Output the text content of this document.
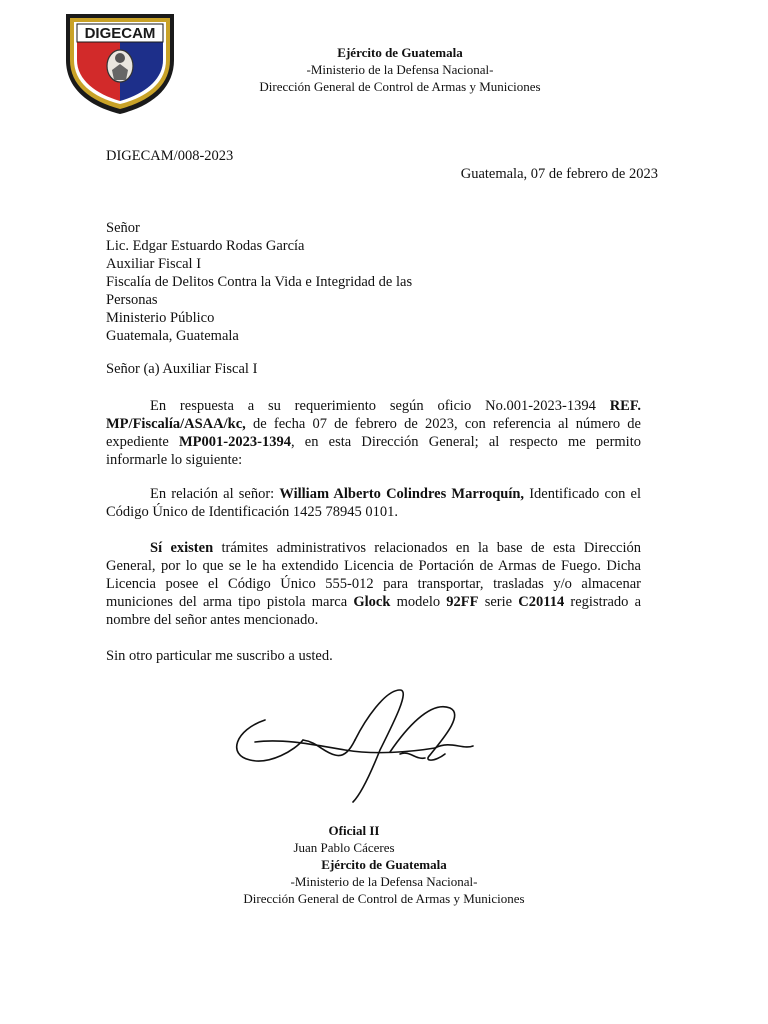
DIGECAM
Ejército de Guatemala
-Ministerio de la Defensa Nacional-
Dirección General de Control de Armas y Municiones
DIGECAM/008-2023
Guatemala, 07 de febrero de 2023
Señor
Lic. Edgar Estuardo Rodas García
Auxiliar Fiscal I
Fiscalía de Delitos Contra la Vida e Integridad de las
Personas
Ministerio Público
Guatemala, Guatemala
Señor (a) Auxiliar Fiscal I

En respuesta a su requerimiento según oficio No.001-2023-1394 REF. MP/Fiscalía/ASAA/kc, de fecha 07 de febrero de 2023, con referencia al número de expediente MP001-2023-1394, en esta Dirección General; al respecto me permito informarle lo siguiente:

En relación al señor: William Alberto Colindres Marroquín, Identificado con el Código Único de Identificación 1425 78945 0101.

Sí existen trámites administrativos relacionados en la base de esta Dirección General, por lo que se le ha extendido Licencia de Portación de Armas de Fuego. Dicha Licencia posee el Código Único 555-012 para transportar, trasladas y/o almacenar municiones del arma tipo pistola marca Glock modelo 92FF serie C20114 registrado a nombre del señor antes mencionado.

Sin otro particular me suscribo a usted.
Oficial II
Juan Pablo Cáceres
Ejército de Guatemala
-Ministerio de la Defensa Nacional-
Dirección General de Control de Armas y Municiones
